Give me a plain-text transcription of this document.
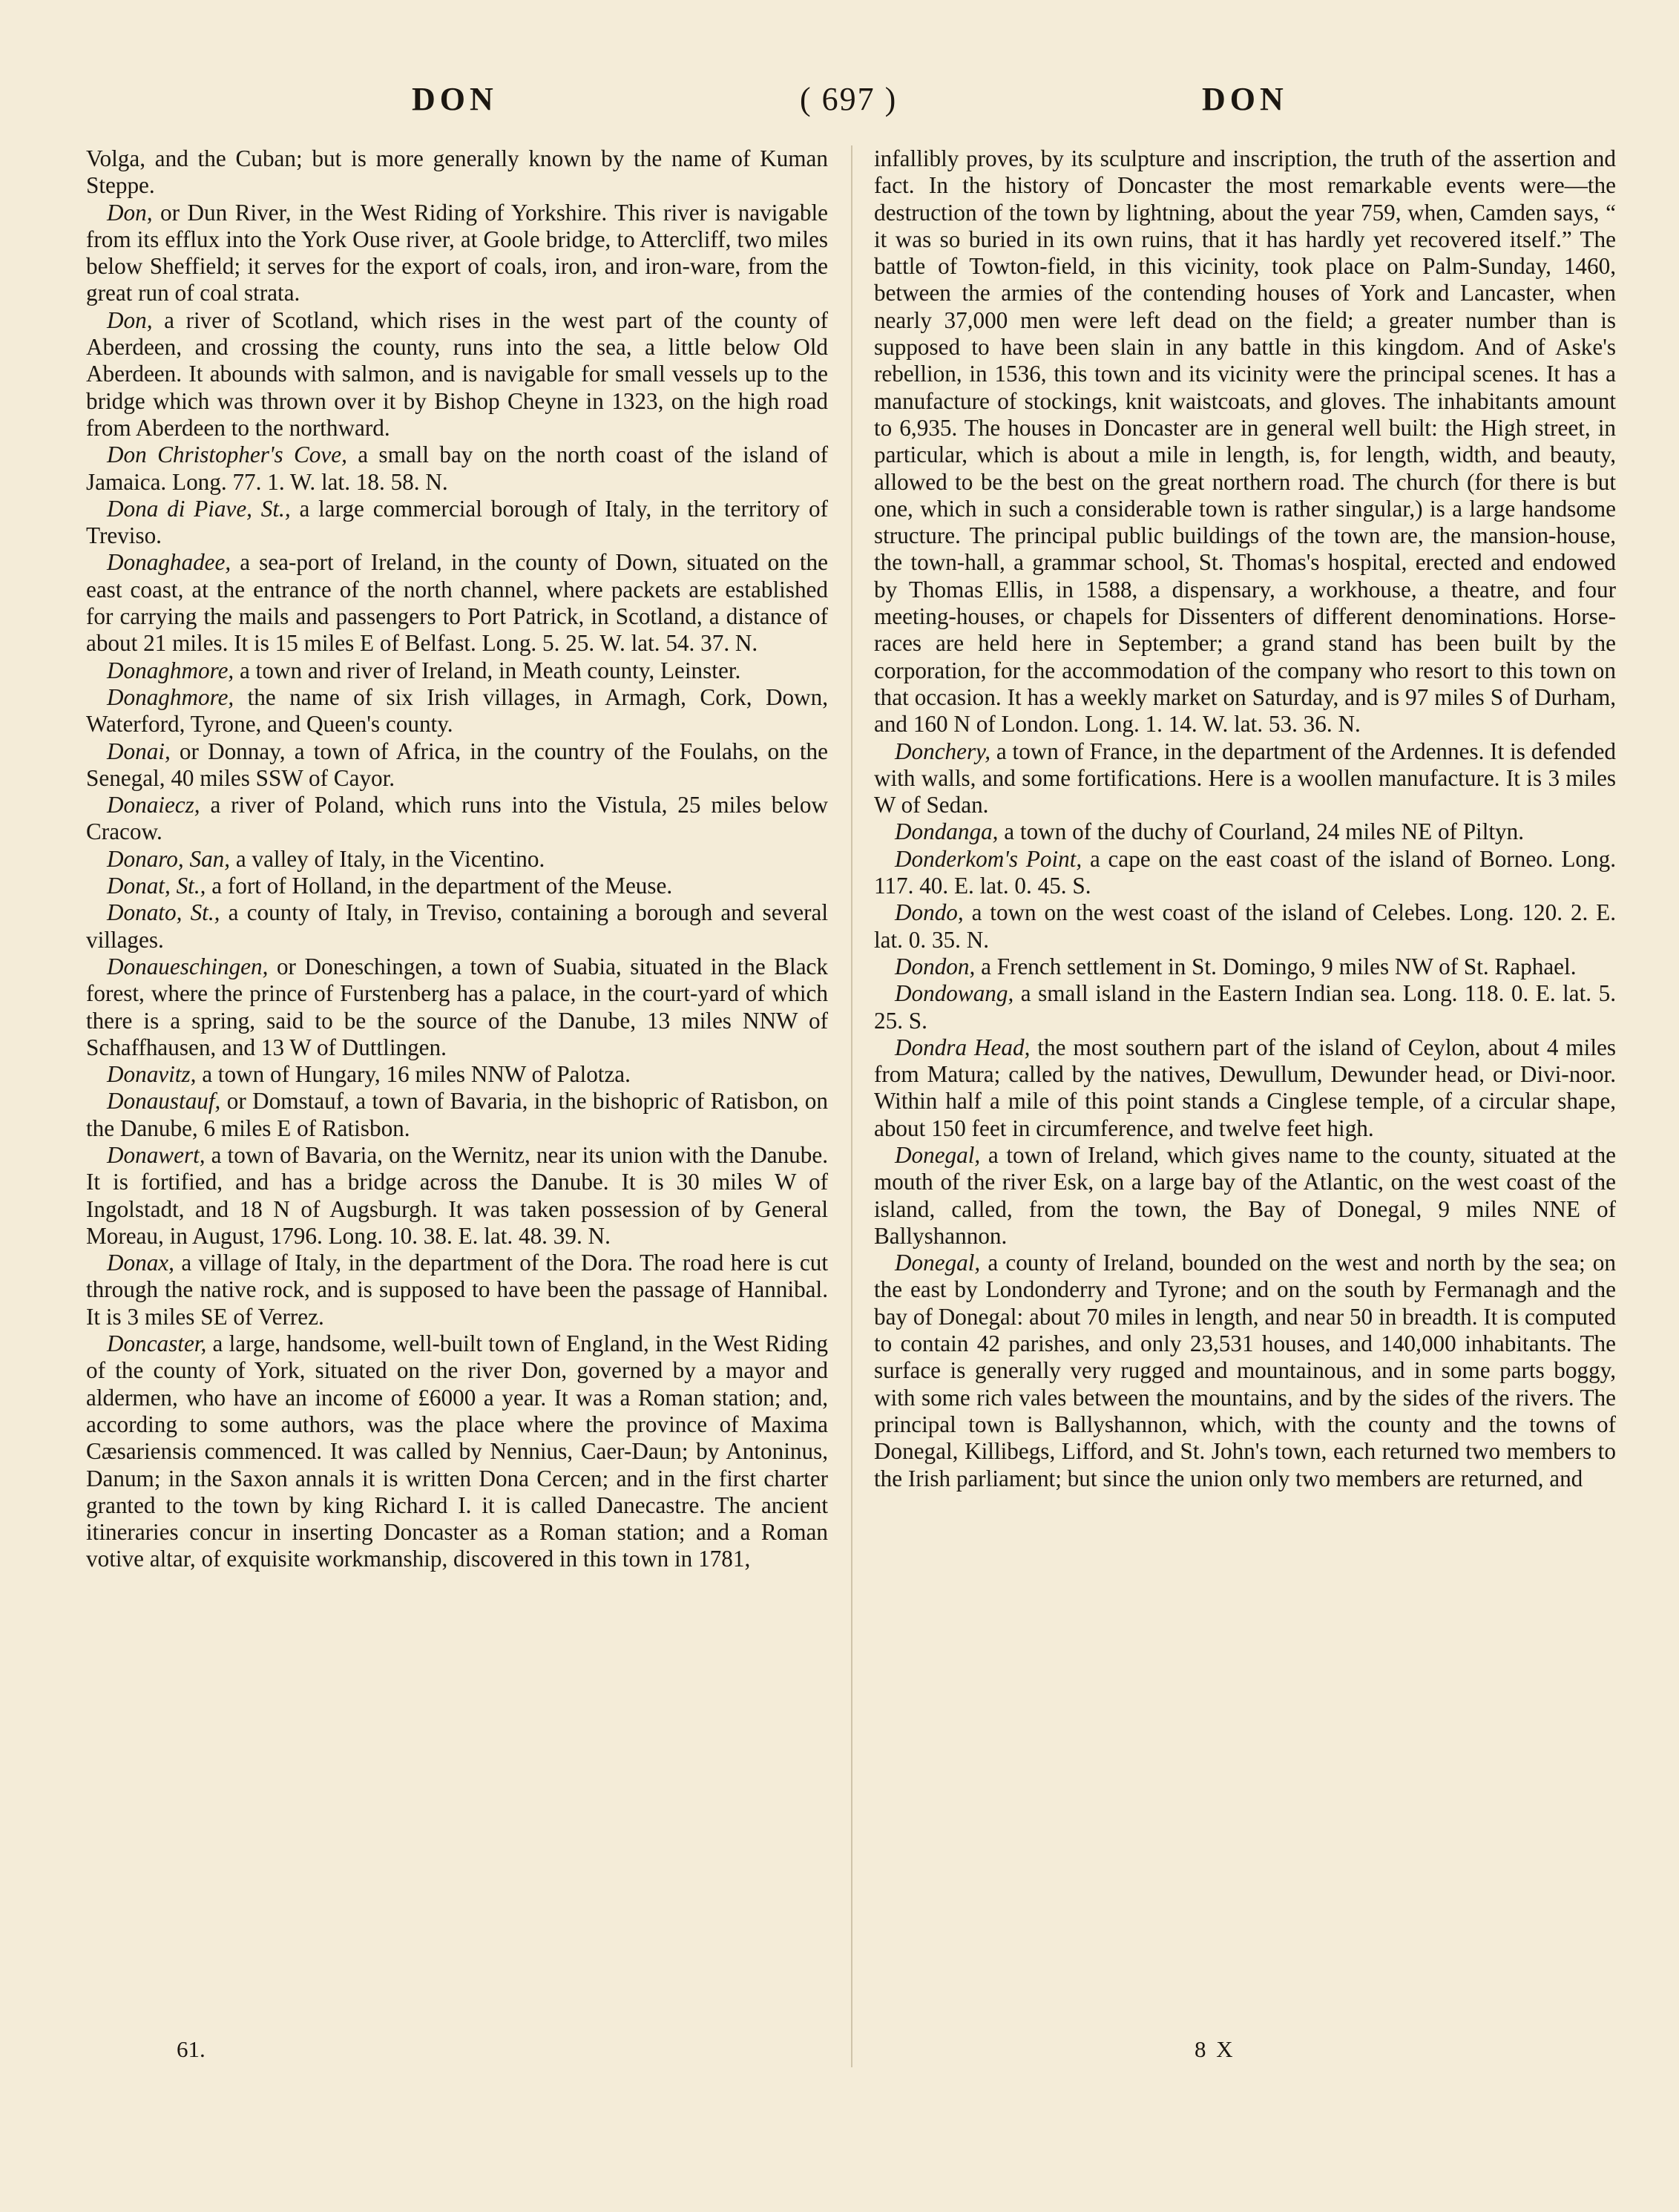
DON	( 697 )	DON

Volga, and the Cuban; but is more generally known by the name of Kuman Steppe.

Don, or Dun River, in the West Riding of Yorkshire. This river is navigable from its efflux into the York Ouse river, at Goole bridge, to Attercliff, two miles below Sheffield; it serves for the export of coals, iron, and iron-ware, from the great run of coal strata.

Don, a river of Scotland, which rises in the west part of the county of Aberdeen, and crossing the county, runs into the sea, a little below Old Aberdeen. It abounds with salmon, and is navigable for small vessels up to the bridge which was thrown over it by Bishop Cheyne in 1323, on the high road from Aberdeen to the northward.

Don Christopher's Cove, a small bay on the north coast of the island of Jamaica. Long. 77. 1. W. lat. 18. 58. N.

Dona di Piave, St., a large commercial borough of Italy, in the territory of Treviso.

Donaghadee, a sea-port of Ireland, in the county of Down, situated on the east coast, at the entrance of the north channel, where packets are established for carrying the mails and passengers to Port Patrick, in Scotland, a distance of about 21 miles. It is 15 miles E of Belfast. Long. 5. 25. W. lat. 54. 37. N.

Donaghmore, a town and river of Ireland, in Meath county, Leinster.

Donaghmore, the name of six Irish villages, in Armagh, Cork, Down, Waterford, Tyrone, and Queen's county.

Donai, or Donnay, a town of Africa, in the country of the Foulahs, on the Senegal, 40 miles SSW of Cayor.

Donaiecz, a river of Poland, which runs into the Vistula, 25 miles below Cracow.

Donaro, San, a valley of Italy, in the Vicentino.

Donat, St., a fort of Holland, in the department of the Meuse.

Donato, St., a county of Italy, in Treviso, containing a borough and several villages.

Donaueschingen, or Doneschingen, a town of Suabia, situated in the Black forest, where the prince of Furstenberg has a palace, in the court-yard of which there is a spring, said to be the source of the Danube, 13 miles NNW of Schaffhausen, and 13 W of Duttlingen.

Donavitz, a town of Hungary, 16 miles NNW of Palotza.

Donaustauf, or Domstauf, a town of Bavaria, in the bishopric of Ratisbon, on the Danube, 6 miles E of Ratisbon.

Donawert, a town of Bavaria, on the Wernitz, near its union with the Danube. It is fortified, and has a bridge across the Danube. It is 30 miles W of Ingolstadt, and 18 N of Augsburgh. It was taken possession of by General Moreau, in August, 1796. Long. 10. 38. E. lat. 48. 39. N.

Donax, a village of Italy, in the department of the Dora. The road here is cut through the native rock, and is supposed to have been the passage of Hannibal. It is 3 miles SE of Verrez.

Doncaster, a large, handsome, well-built town of England, in the West Riding of the county of York, situated on the river Don, governed by a mayor and aldermen, who have an income of £6000 a year. It was a Roman station; and, according to some authors, was the place where the province of Maxima Cæsariensis commenced. It was called by Nennius, Caer-Daun; by Antoninus, Danum; in the Saxon annals it is written Dona Cercen; and in the first charter granted to the town by king Richard I. it is called Danecastre. The ancient itineraries concur in inserting Doncaster as a Roman station; and a Roman votive altar, of exquisite workmanship, discovered in this town in 1781,

infallibly proves, by its sculpture and inscription, the truth of the assertion and fact. In the history of Doncaster the most remarkable events were—the destruction of the town by lightning, about the year 759, when, Camden says, “ it was so buried in its own ruins, that it has hardly yet recovered itself.” The battle of Towton-field, in this vicinity, took place on Palm-Sunday, 1460, between the armies of the contending houses of York and Lancaster, when nearly 37,000 men were left dead on the field; a greater number than is supposed to have been slain in any battle in this kingdom. And of Aske's rebellion, in 1536, this town and its vicinity were the principal scenes. It has a manufacture of stockings, knit waistcoats, and gloves. The inhabitants amount to 6,935. The houses in Doncaster are in general well built: the High street, in particular, which is about a mile in length, is, for length, width, and beauty, allowed to be the best on the great northern road. The church (for there is but one, which in such a considerable town is rather singular,) is a large handsome structure. The principal public buildings of the town are, the mansion-house, the town-hall, a grammar school, St. Thomas's hospital, erected and endowed by Thomas Ellis, in 1588, a dispensary, a workhouse, a theatre, and four meeting-houses, or chapels for Dissenters of different denominations. Horse-races are held here in September; a grand stand has been built by the corporation, for the accommodation of the company who resort to this town on that occasion. It has a weekly market on Saturday, and is 97 miles S of Durham, and 160 N of London. Long. 1. 14. W. lat. 53. 36. N.

Donchery, a town of France, in the department of the Ardennes. It is defended with walls, and some fortifications. Here is a woollen manufacture. It is 3 miles W of Sedan.

Dondanga, a town of the duchy of Courland, 24 miles NE of Piltyn.

Donderkom's Point, a cape on the east coast of the island of Borneo. Long. 117. 40. E. lat. 0. 45. S.

Dondo, a town on the west coast of the island of Celebes. Long. 120. 2. E. lat. 0. 35. N.

Dondon, a French settlement in St. Domingo, 9 miles NW of St. Raphael.

Dondowang, a small island in the Eastern Indian sea. Long. 118. 0. E. lat. 5. 25. S.

Dondra Head, the most southern part of the island of Ceylon, about 4 miles from Matura; called by the natives, Dewullum, Dewunder head, or Divi-noor. Within half a mile of this point stands a Cinglese temple, of a circular shape, about 150 feet in circumference, and twelve feet high.

Donegal, a town of Ireland, which gives name to the county, situated at the mouth of the river Esk, on a large bay of the Atlantic, on the west coast of the island, called, from the town, the Bay of Donegal, 9 miles NNE of Ballyshannon.

Donegal, a county of Ireland, bounded on the west and north by the sea; on the east by Londonderry and Tyrone; and on the south by Fermanagh and the bay of Donegal: about 70 miles in length, and near 50 in breadth. It is computed to contain 42 parishes, and only 23,531 houses, and 140,000 inhabitants. The surface is generally very rugged and mountainous, and in some parts boggy, with some rich vales between the mountains, and by the sides of the rivers. The principal town is Ballyshannon, which, with the county and the towns of Donegal, Killibegs, Lifford, and St. John's town, each returned two members to the Irish parliament; but since the union only two members are returned, and

61.	8 X
